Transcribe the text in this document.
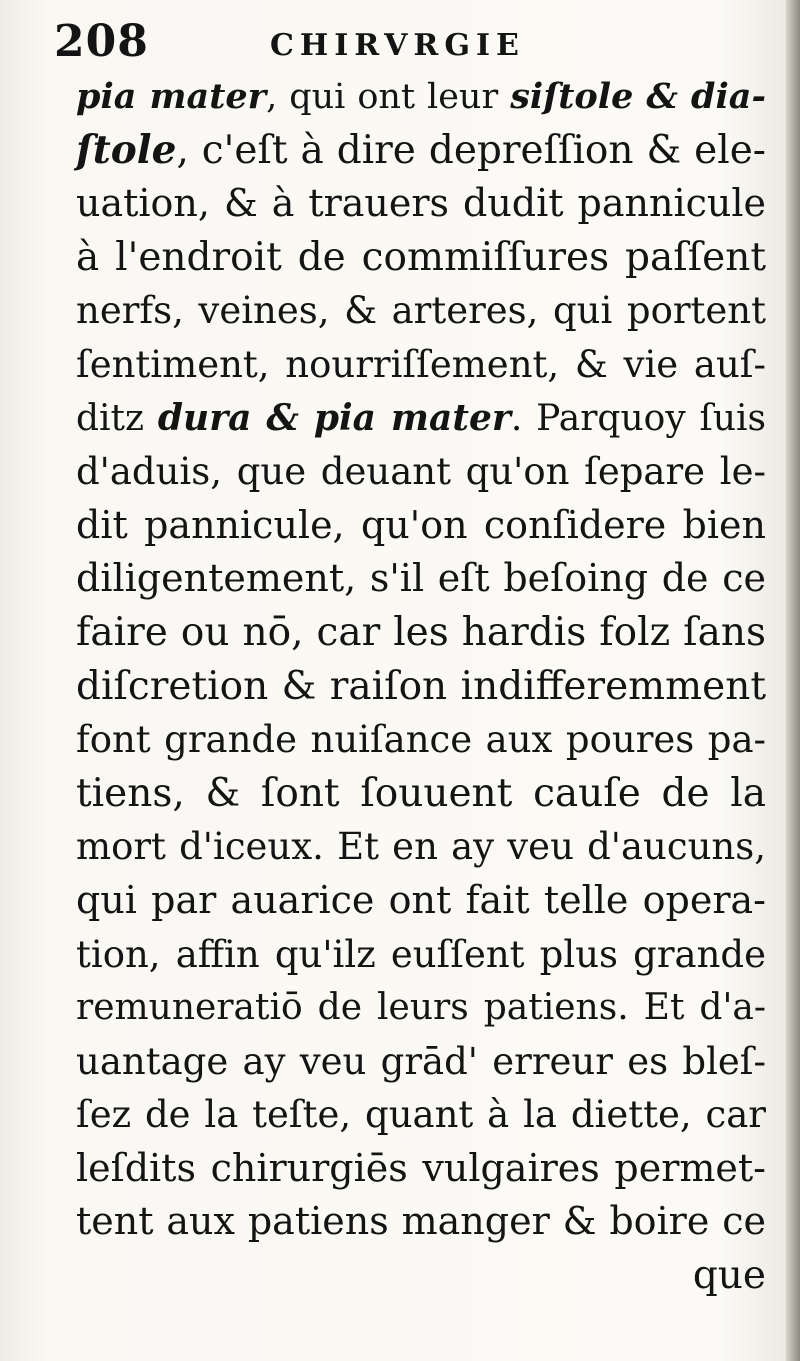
208	CHIRVRGIE
pia mater, qui ont leur siſtole & dia-
ſtole, c'eſt à dire depreſſion & ele-
uation, & à trauers dudit pannicule
à l'endroit de commiſſures paſſent
nerfs, veines, & arteres, qui portent
ſentiment, nourriſſement, & vie auſ-
ditz dura & pia mater. Parquoy ſuis
d'aduis, que deuant qu'on ſepare le-
dit pannicule, qu'on conſidere bien
diligentement, s'il eſt beſoing de ce
faire ou nō, car les hardis folz ſans
diſcretion & raiſon indifferemment
font grande nuiſance aux poures pa-
tiens, & ſont ſouuent cauſe de la
mort d'iceux. Et en ay veu d'aucuns,
qui par auarice ont fait telle opera-
tion, affin qu'ilz euſſent plus grande
remuneratiō de leurs patiens. Et d'a-
uantage ay veu grād' erreur es bleſ-
ſez de la teſte, quant à la diette, car
leſdits chirurgiēs vulgaires permet-
tent aux patiens manger & boire ce
que
